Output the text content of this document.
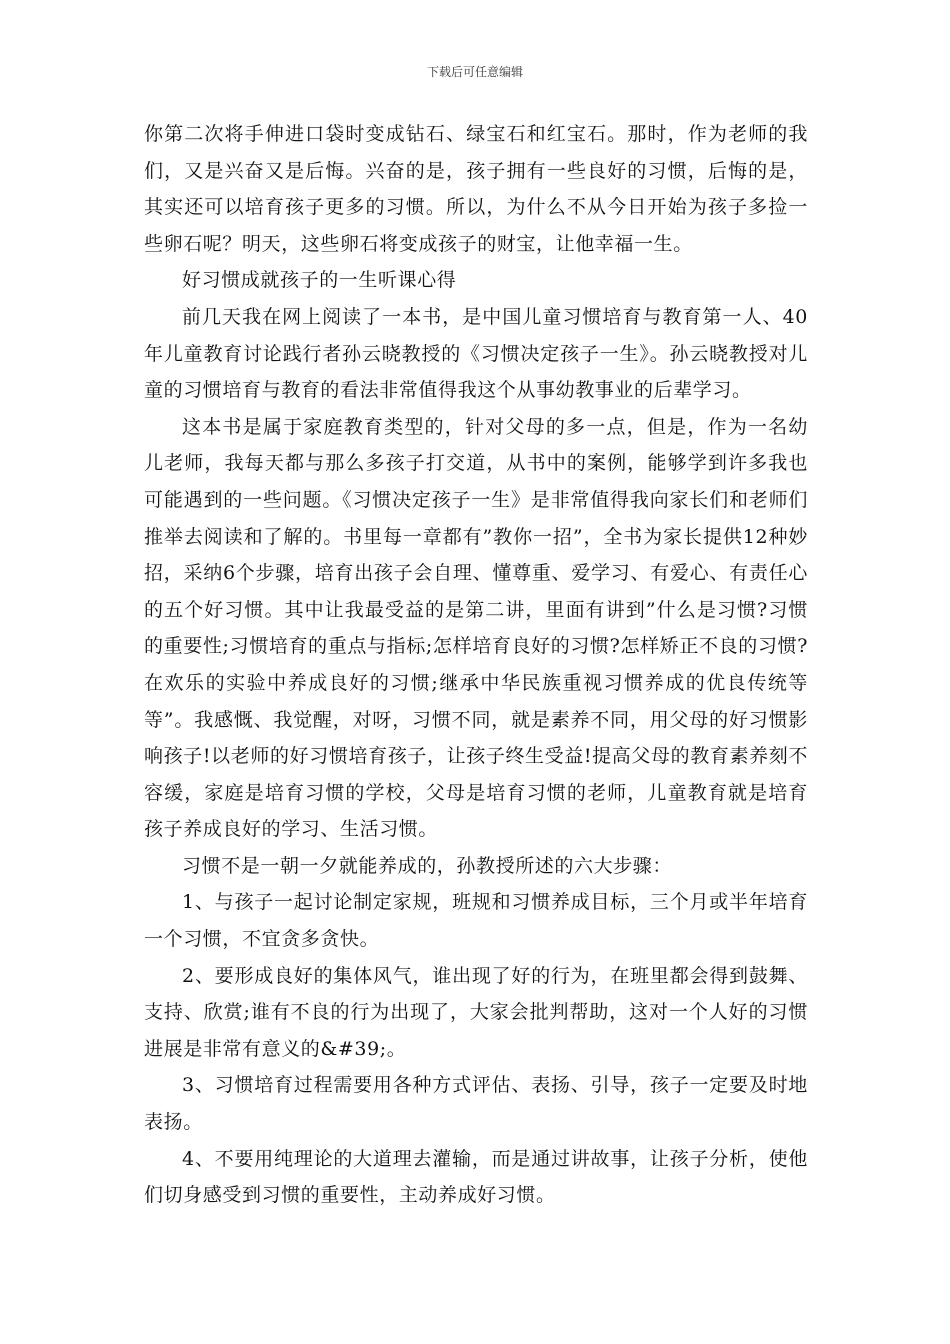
下载后可任意编辑

你第二次将手伸进口袋时变成钻石、绿宝石和红宝石。那时，作为老师的我们，又是兴奋又是后悔。兴奋的是，孩子拥有一些良好的习惯，后悔的是，其实还可以培育孩子更多的习惯。所以，为什么不从今日开始为孩子多捡一些卵石呢？明天，这些卵石将变成孩子的财宝，让他幸福一生。

好习惯成就孩子的一生听课心得

前几天我在网上阅读了一本书，是中国儿童习惯培育与教育第一人、40年儿童教育讨论践行者孙云晓教授的《习惯决定孩子一生》。孙云晓教授对儿童的习惯培育与教育的看法非常值得我这个从事幼教事业的后辈学习。

这本书是属于家庭教育类型的，针对父母的多一点，但是，作为一名幼儿老师，我每天都与那么多孩子打交道，从书中的案例，能够学到许多我也可能遇到的一些问题。《习惯决定孩子一生》是非常值得我向家长们和老师们推举去阅读和了解的。书里每一章都有”教你一招”，全书为家长提供12种妙招，采纳6个步骤，培育出孩子会自理、懂尊重、爱学习、有爱心、有责任心的五个好习惯。其中让我最受益的是第二讲，里面有讲到”什么是习惯?习惯的重要性;习惯培育的重点与指标;怎样培育良好的习惯?怎样矫正不良的习惯?在欢乐的实验中养成良好的习惯;继承中华民族重视习惯养成的优良传统等等”。我感慨、我觉醒，对呀，习惯不同，就是素养不同，用父母的好习惯影响孩子!以老师的好习惯培育孩子，让孩子终生受益!提高父母的教育素养刻不容缓，家庭是培育习惯的学校，父母是培育习惯的老师，儿童教育就是培育孩子养成良好的学习、生活习惯。

习惯不是一朝一夕就能养成的，孙教授所述的六大步骤：

1、与孩子一起讨论制定家规，班规和习惯养成目标，三个月或半年培育一个习惯，不宜贪多贪快。

2、要形成良好的集体风气，谁出现了好的行为，在班里都会得到鼓舞、支持、欣赏;谁有不良的行为出现了，大家会批判帮助，这对一个人好的习惯进展是非常有意义的&#39;。

3、习惯培育过程需要用各种方式评估、表扬、引导，孩子一定要及时地表扬。

4、不要用纯理论的大道理去灌输，而是通过讲故事，让孩子分析，使他们切身感受到习惯的重要性，主动养成好习惯。
